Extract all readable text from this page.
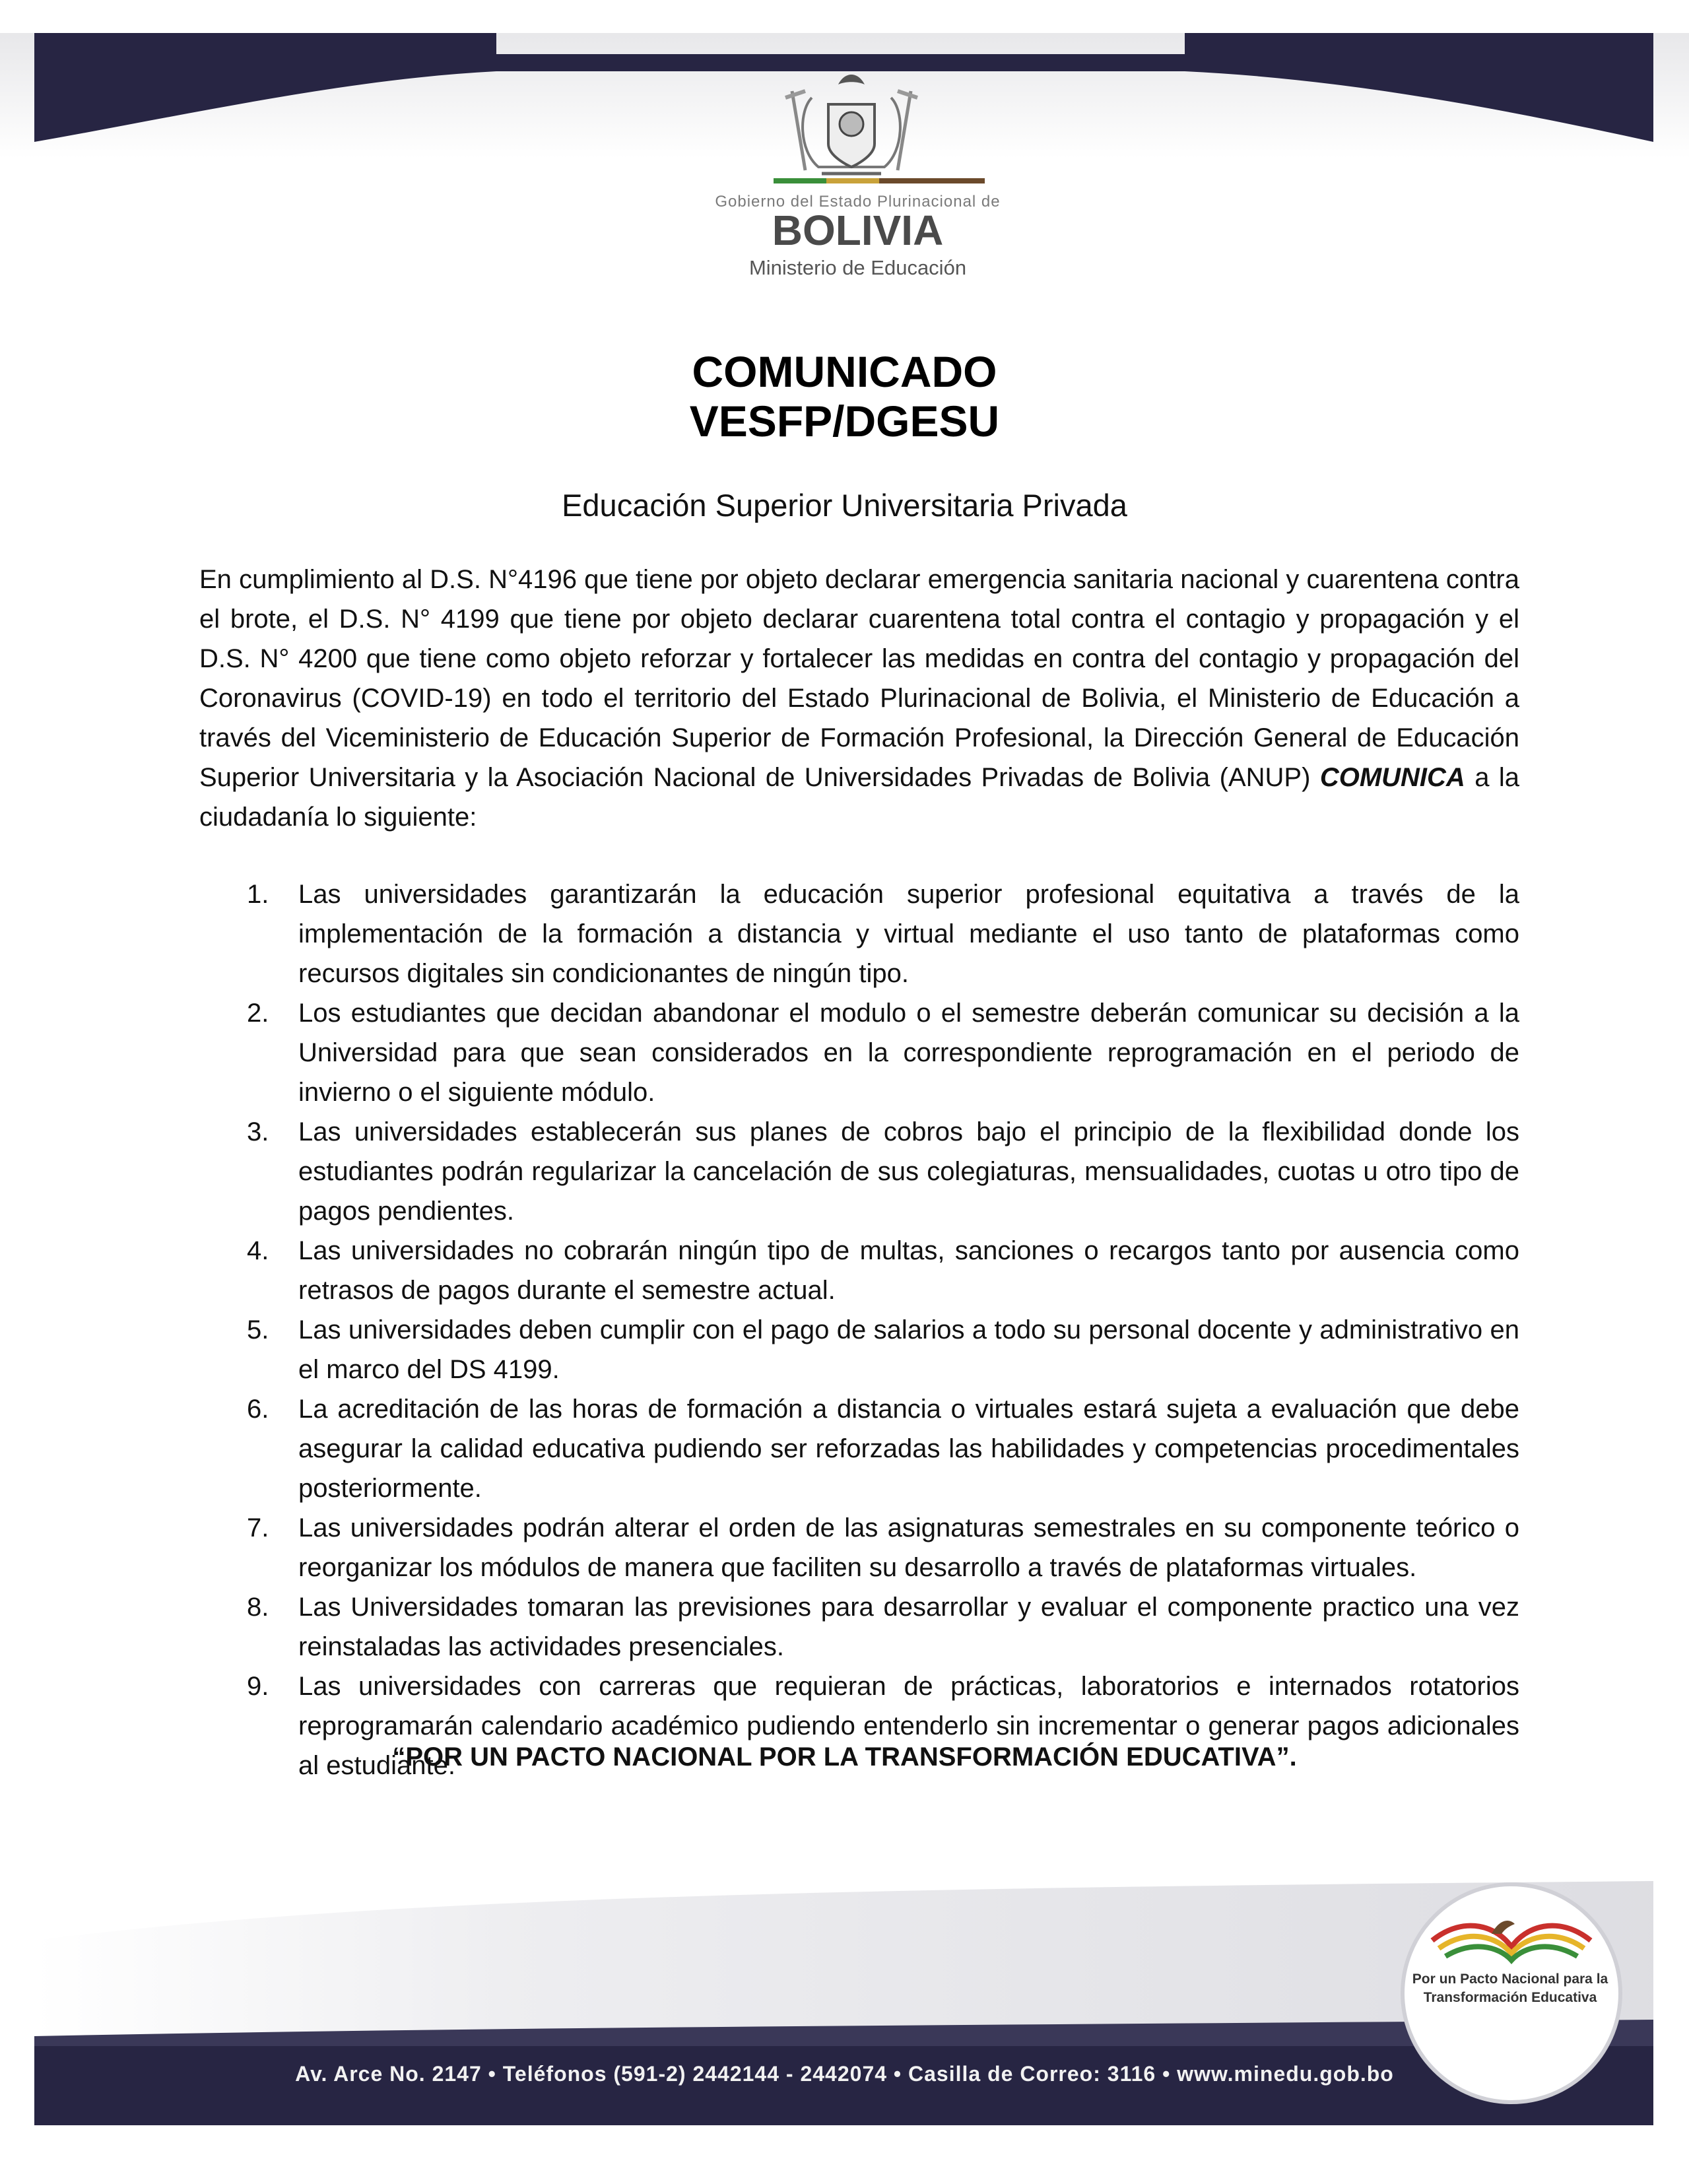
Gobierno del Estado Plurinacional de
BOLIVIA
Ministerio de Educación
COMUNICADO
VESFP/DGESU
Educación Superior Universitaria Privada
En cumplimiento al D.S. N°4196 que tiene por objeto declarar emergencia sanitaria nacional y cuarentena contra el brote, el D.S. N° 4199 que tiene por objeto declarar cuarentena total contra el contagio y propagación y el D.S. N° 4200 que tiene como objeto reforzar y fortalecer las medidas en contra del contagio y propagación del Coronavirus (COVID-19) en todo el territorio del Estado Plurinacional de Bolivia, el Ministerio de Educación a través del Viceministerio de Educación Superior de Formación Profesional, la Dirección General de Educación Superior Universitaria y la Asociación Nacional de Universidades Privadas de Bolivia (ANUP) COMUNICA a la ciudadanía lo siguiente:
1. Las universidades garantizarán la educación superior profesional equitativa a través de la implementación de la formación a distancia y virtual mediante el uso tanto de plataformas como recursos digitales sin condicionantes de ningún tipo.
2. Los estudiantes que decidan abandonar el modulo o el semestre deberán comunicar su decisión a la Universidad para que sean considerados en la correspondiente reprogramación en el periodo de invierno o el siguiente módulo.
3. Las universidades establecerán sus planes de cobros bajo el principio de la flexibilidad donde los estudiantes podrán regularizar la cancelación de sus colegiaturas, mensualidades, cuotas u otro tipo de pagos pendientes.
4. Las universidades no cobrarán ningún tipo de multas, sanciones o recargos tanto por ausencia como retrasos de pagos durante el semestre actual.
5. Las universidades deben cumplir con el pago de salarios a todo su personal docente y administrativo en el marco del DS 4199.
6. La acreditación de las horas de formación a distancia o virtuales estará sujeta a evaluación que debe asegurar la calidad educativa pudiendo ser reforzadas las habilidades y competencias procedimentales posteriormente.
7. Las universidades podrán alterar el orden de las asignaturas semestrales en su componente teórico o reorganizar los módulos de manera que faciliten su desarrollo a través de plataformas virtuales.
8. Las Universidades tomaran las previsiones para desarrollar y evaluar el componente practico una vez reinstaladas las actividades presenciales.
9. Las universidades con carreras que requieran de prácticas, laboratorios e internados rotatorios reprogramarán calendario académico pudiendo entenderlo sin incrementar o generar pagos adicionales al estudiante.
“POR UN PACTO NACIONAL POR LA TRANSFORMACIÓN EDUCATIVA”.
Por un Pacto Nacional para la
Transformación Educativa
Av. Arce No. 2147 • Teléfonos (591-2) 2442144 - 2442074 • Casilla de Correo: 3116 • www.minedu.gob.bo
